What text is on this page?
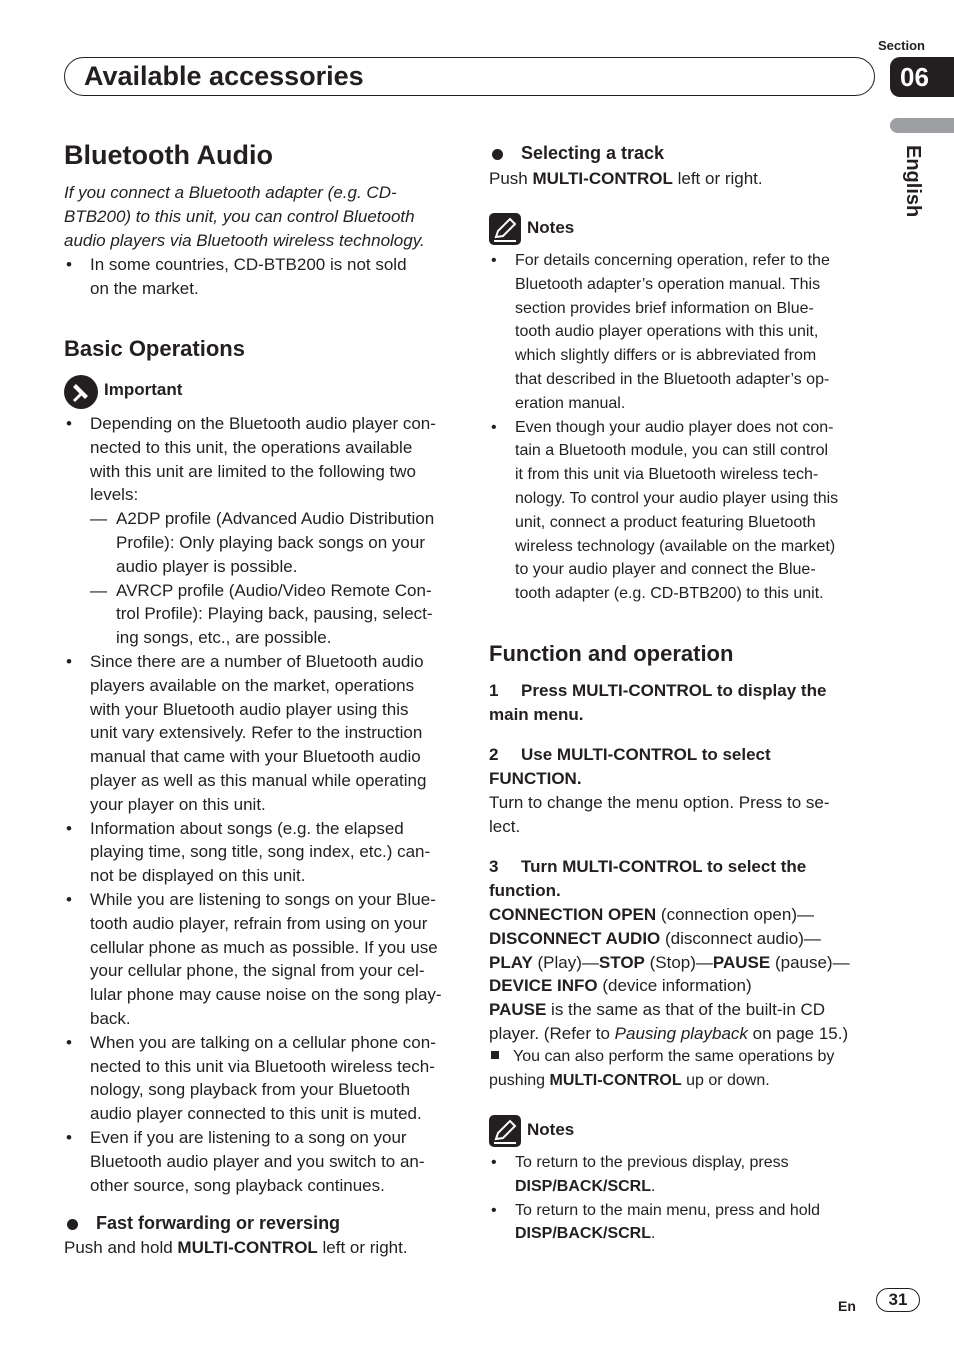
Section
06
Available accessories
English
Bluetooth Audio
If you connect a Bluetooth adapter (e.g. CD-
BTB200) to this unit, you can control Bluetooth
audio players via Bluetooth wireless technology.
• In some countries, CD-BTB200 is not sold
on the market.
Basic Operations
Important
• Depending on the Bluetooth audio player con-
nected to this unit, the operations available
with this unit are limited to the following two
levels:
— A2DP profile (Advanced Audio Distribution
Profile): Only playing back songs on your
audio player is possible.
— AVRCP profile (Audio/Video Remote Con-
trol Profile): Playing back, pausing, select-
ing songs, etc., are possible.
• Since there are a number of Bluetooth audio
players available on the market, operations
with your Bluetooth audio player using this
unit vary extensively. Refer to the instruction
manual that came with your Bluetooth audio
player as well as this manual while operating
your player on this unit.
• Information about songs (e.g. the elapsed
playing time, song title, song index, etc.) can-
not be displayed on this unit.
• While you are listening to songs on your Blue-
tooth audio player, refrain from using on your
cellular phone as much as possible. If you use
your cellular phone, the signal from your cel-
lular phone may cause noise on the song play-
back.
• When you are talking on a cellular phone con-
nected to this unit via Bluetooth wireless tech-
nology, song playback from your Bluetooth
audio player connected to this unit is muted.
• Even if you are listening to a song on your
Bluetooth audio player and you switch to an-
other source, song playback continues.
Fast forwarding or reversing
Push and hold MULTI-CONTROL left or right.
Selecting a track
Push MULTI-CONTROL left or right.
Notes
• For details concerning operation, refer to the
Bluetooth adapter’s operation manual. This
section provides brief information on Blue-
tooth audio player operations with this unit,
which slightly differs or is abbreviated from
that described in the Bluetooth adapter’s op-
eration manual.
• Even though your audio player does not con-
tain a Bluetooth module, you can still control
it from this unit via Bluetooth wireless tech-
nology. To control your audio player using this
unit, connect a product featuring Bluetooth
wireless technology (available on the market)
to your audio player and connect the Blue-
tooth adapter (e.g. CD-BTB200) to this unit.
Function and operation
1 Press MULTI-CONTROL to display the
main menu.
2 Use MULTI-CONTROL to select
FUNCTION.
Turn to change the menu option. Press to se-
lect.
3 Turn MULTI-CONTROL to select the
function.
CONNECTION OPEN (connection open)—
DISCONNECT AUDIO (disconnect audio)—
PLAY (Play)—STOP (Stop)—PAUSE (pause)—
DEVICE INFO (device information)
PAUSE is the same as that of the built-in CD
player. (Refer to Pausing playback on page 15.)
You can also perform the same operations by
pushing MULTI-CONTROL up or down.
Notes
• To return to the previous display, press
DISP/BACK/SCRL.
• To return to the main menu, press and hold
DISP/BACK/SCRL.
En	31
